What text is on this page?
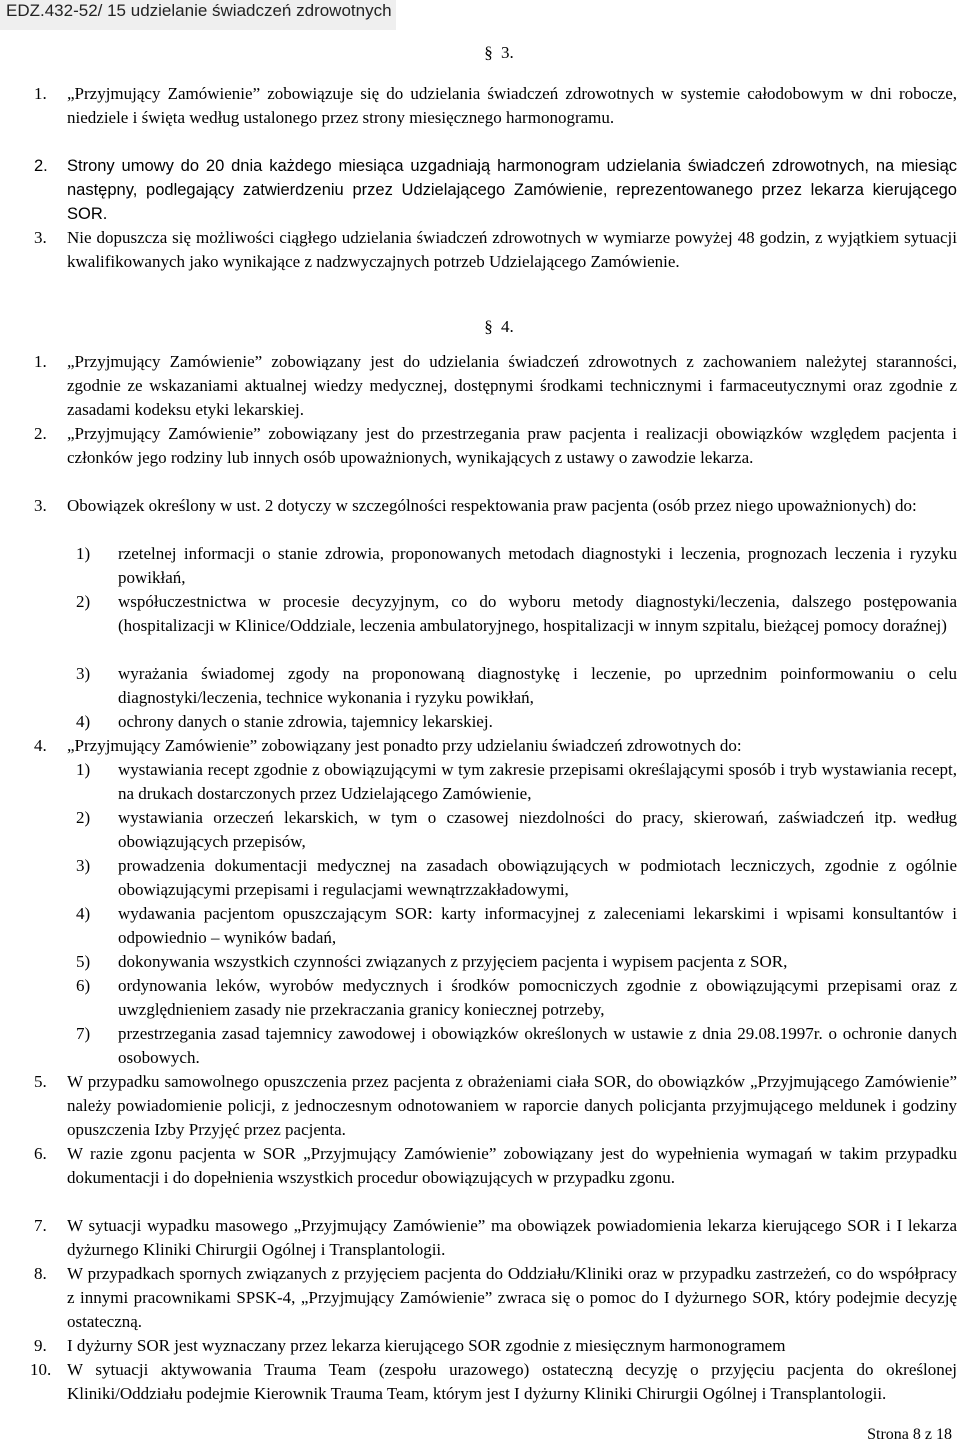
EDZ.432-52/ 15 udzielanie świadczeń zdrowotnych
§ 3.
1. „Przyjmujący Zamówienie” zobowiązuje się do udzielania świadczeń zdrowotnych w systemie całodobowym w dni robocze, niedziele i święta według ustalonego przez strony miesięcznego harmonogramu.
2. Strony umowy do 20 dnia każdego miesiąca uzgadniają harmonogram udzielania świadczeń zdrowotnych, na miesiąc następny, podlegający zatwierdzeniu przez Udzielającego Zamówienie, reprezentowanego przez lekarza kierującego SOR.
3. Nie dopuszcza się możliwości ciągłego udzielania świadczeń zdrowotnych w wymiarze powyżej 48 godzin, z wyjątkiem sytuacji kwalifikowanych jako wynikające z nadzwyczajnych potrzeb Udzielającego Zamówienie.
§ 4.
1. „Przyjmujący Zamówienie” zobowiązany jest do udzielania świadczeń zdrowotnych z zachowaniem należytej staranności, zgodnie ze wskazaniami aktualnej wiedzy medycznej, dostępnymi środkami technicznymi i farmaceutycznymi oraz zgodnie z zasadami kodeksu etyki lekarskiej.
2. „Przyjmujący Zamówienie” zobowiązany jest do przestrzegania praw pacjenta i realizacji obowiązków względem pacjenta i członków jego rodziny lub innych osób upoważnionych, wynikających z ustawy o zawodzie lekarza.
3. Obowiązek określony w ust. 2 dotyczy w szczególności respektowania praw pacjenta (osób przez niego upoważnionych) do:
1) rzetelnej informacji o stanie zdrowia, proponowanych metodach diagnostyki i leczenia, prognozach leczenia i ryzyku powikłań,
2) współuczestnictwa w procesie decyzyjnym, co do wyboru metody diagnostyki/leczenia, dalszego postępowania (hospitalizacji w Klinice/Oddziale, leczenia ambulatoryjnego, hospitalizacji w innym szpitalu, bieżącej pomocy doraźnej)
3) wyrażania świadomej zgody na proponowaną diagnostykę i leczenie, po uprzednim poinformowaniu o celu diagnostyki/leczenia, technice wykonania i ryzyku powikłań,
4) ochrony danych o stanie zdrowia, tajemnicy lekarskiej.
4. „Przyjmujący Zamówienie” zobowiązany jest ponadto przy udzielaniu świadczeń zdrowotnych do:
1) wystawiania recept zgodnie z obowiązującymi w tym zakresie przepisami określającymi sposób i tryb wystawiania recept, na drukach dostarczonych przez Udzielającego Zamówienie,
2) wystawiania orzeczeń lekarskich, w tym o czasowej niezdolności do pracy, skierowań, zaświadczeń itp. według obowiązujących przepisów,
3) prowadzenia dokumentacji medycznej na zasadach obowiązujących w podmiotach leczniczych, zgodnie z ogólnie obowiązującymi przepisami i regulacjami wewnątrzzakładowymi,
4) wydawania pacjentom opuszczającym SOR: karty informacyjnej z zaleceniami lekarskimi i wpisami konsultantów i odpowiednio – wyników badań,
5) dokonywania wszystkich czynności związanych z przyjęciem pacjenta i wypisem pacjenta z SOR,
6) ordynowania leków, wyrobów medycznych i środków pomocniczych zgodnie z obowiązującymi przepisami oraz z uwzględnieniem zasady nie przekraczania granicy koniecznej potrzeby,
7) przestrzegania zasad tajemnicy zawodowej i obowiązków określonych w ustawie z dnia 29.08.1997r. o ochronie danych osobowych.
5. W przypadku samowolnego opuszczenia przez pacjenta z obrażeniami ciała SOR, do obowiązków „Przyjmującego Zamówienie” należy powiadomienie policji, z jednoczesnym odnotowaniem w raporcie danych policjanta przyjmującego meldunek i godziny opuszczenia Izby Przyjęć przez pacjenta.
6. W razie zgonu pacjenta w SOR „Przyjmujący Zamówienie” zobowiązany jest do wypełnienia wymagań w takim przypadku dokumentacji i do dopełnienia wszystkich procedur obowiązujących w przypadku zgonu.
7. W sytuacji wypadku masowego „Przyjmujący Zamówienie” ma obowiązek powiadomienia lekarza kierującego SOR i I lekarza dyżurnego Kliniki Chirurgii Ogólnej i Transplantologii.
8. W przypadkach spornych związanych z przyjęciem pacjenta do Oddziału/Kliniki oraz w przypadku zastrzeżeń, co do współpracy z innymi pracownikami SPSK-4, „Przyjmujący Zamówienie” zwraca się o pomoc do I dyżurnego SOR, który podejmie decyzję ostateczną.
9. I dyżurny SOR jest wyznaczany przez lekarza kierującego SOR zgodnie z miesięcznym harmonogramem
10. W sytuacji aktywowania Trauma Team (zespołu urazowego) ostateczną decyzję o przyjęciu pacjenta do określonej Kliniki/Oddziału podejmie Kierownik Trauma Team, którym jest I dyżurny Kliniki Chirurgii Ogólnej i Transplantologii.
Strona 8 z 18
